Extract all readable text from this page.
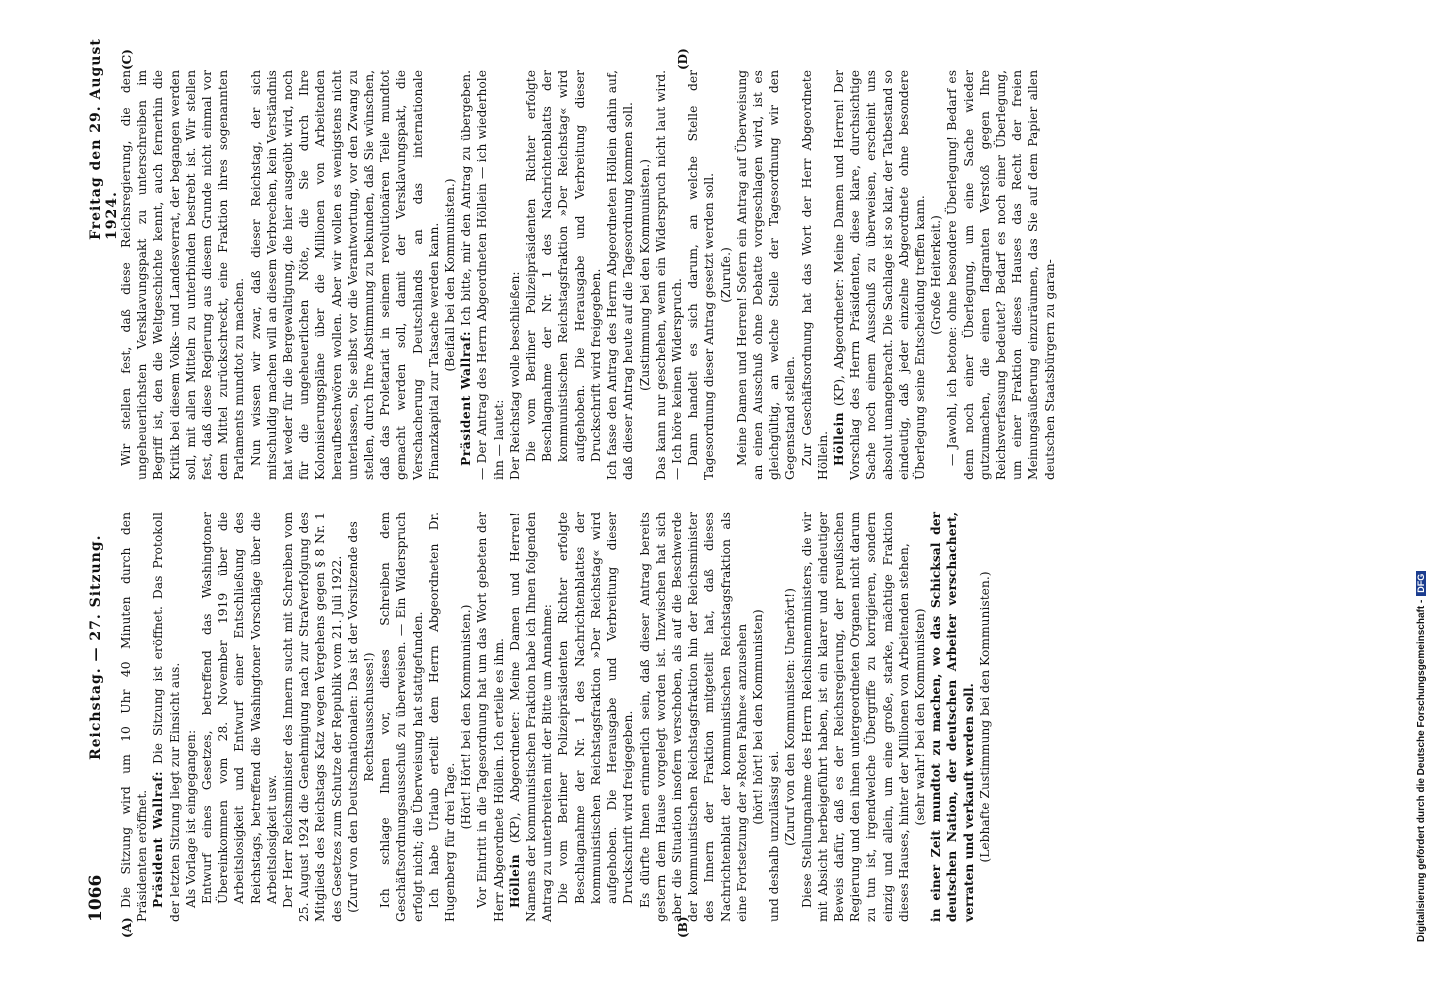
1066
Reichstag. — 27. Sitzung.
Freitag den 29. August 1924.
(A)	(B)
(C)	(D)

Die Sitzung wird um 10 Uhr 40 Minuten durch den Präsidenten eröffnet. Präsident Wallraf: Die Sitzung ist eröffnet. Das Protokoll der letzten Sitzung liegt zur Einsicht aus. Als Vorlage ist eingegangen: Entwurf eines Gesetzes, betreffend das Washingtoner Übereinkommen vom 28. November 1919 über die Arbeitslosigkeit und Entwurf einer Entschließung des Reichstags, betreffend die Washingtoner Vorschläge über die Arbeitslosigkeit usw. Der Herr Reichsminister des Innern sucht mit Schreiben vom 25. August 1924 die Genehmigung nach zur Strafverfolgung des Mitglieds des Reichstags Katz wegen Vergehens gegen § 8 Nr. 1 des Gesetzes zum Schutze der Republik vom 21. Juli 1922. (Zuruf von den Deutschnationalen: Das ist der Vorsitzende des Rechtsausschusses!) Ich schlage Ihnen vor, dieses Schreiben dem Geschäftsordnungsausschuß zu überweisen. — Ein Widerspruch erfolgt nicht; die Überweisung hat stattgefunden. Ich habe Urlaub erteilt dem Herrn Abgeordneten Dr. Hugenberg für drei Tage.

(Hört! Hört! bei den Kommunisten.) Vor Eintritt in die Tagesordnung hat um das Wort gebeten der Herr Abgeordnete Höllein. Ich erteile es ihm. Höllein (KP), Abgeordneter: Meine Damen und Herren! Namens der kommunistischen Fraktion habe ich Ihnen folgenden Antrag zu unterbreiten mit der Bitte um Annahme: Die vom Berliner Polizeipräsidenten Richter erfolgte Beschlagnahme der Nr. 1 des Nachrichtenblattes der kommunistischen Reichstagsfraktion »Der Reichstag« wird aufgehoben. Die Herausgabe und Verbreitung dieser Druckschrift wird freigegeben. Es dürfte Ihnen erinnerlich sein, daß dieser Antrag bereits gestern dem Hause vorgelegt worden ist. Inzwischen hat sich aber die Situation insofern verschoben, als auf die Beschwerde der kommunistischen Reichstagsfraktion hin der Reichsminister des Innern der Fraktion mitgeteilt hat, daß dieses Nachrichtenblatt der kommunistischen Reichstagsfraktion als eine Fortsetzung der »Roten Fahne« anzusehen (hört! hört! bei den Kommunisten)

und deshalb unzulässig sei. (Zuruf von den Kommunisten: Unerhört!) Diese Stellungnahme des Herrn Reichsinnenministers, die wir mit Absicht herbeigeführt haben, ist ein klarer und eindeutiger Beweis dafür, daß es der Reichsregierung, der preußischen Regierung und den ihnen untergeordneten Organen nicht darum zu tun ist, irgendwelche Übergriffe zu korrigieren, sondern einzig und allein, um eine große, starke, mächtige Fraktion dieses Hauses, hinter der Millionen von Arbeitenden stehen, (sehr wahr! bei den Kommunisten) in einer Zeit mundtot zu machen, wo das Schicksal der deutschen Nation, der deutschen Arbeiter verschachert, verraten und verkauft werden soll. (Lebhafte Zustimmung bei den Kommunisten.)

Wir stellen fest, daß diese Reichsregierung, die den ungeheuerlichsten Versklavungspakt zu unterschreiben im Begriff ist, den die Weltgeschichte kennt, auch fernerhin die Kritik bei diesem Volks- und Landesverrat, der begangen werden soll, mit allen Mitteln zu unterbinden bestrebt ist. Wir stellen fest, daß diese Regierung aus diesem Grunde nicht einmal vor dem Mittel zurückschreckt, eine Fraktion ihres sogenannten Parlaments mundtot zu machen. Nun wissen wir zwar, daß dieser Reichstag, der sich mitschuldig machen will an diesem Verbrechen, kein Verständnis hat weder für die Bergewaltigung, die hier ausgeübt wird, noch für die ungeheuerlichen Nöte, die Sie durch Ihre Kolonisierungspläne über die Millionen von Arbeitenden heraufbeschwören wollen. Aber wir wollen es wenigstens nicht unterlassen, Sie selbst vor die Verantwortung, vor den Zwang zu stellen, durch Ihre Abstimmung zu bekunden, daß Sie wünschen, daß das Proletariat in seinem revolutionären Teile mundtot gemacht werden soll, damit der Versklavungspakt, die Verschacherung Deutschlands an das internationale Finanzkapital zur Tatsache werden kann. (Beifall bei den Kommunisten.)

Präsident Wallraf: Ich bitte, mir den Antrag zu übergeben. — Der Antrag des Herrn Abgeordneten Höllein — ich wiederhole ihn — lautet: Der Reichstag wolle beschließen: Die vom Berliner Polizeipräsidenten Richter erfolgte Beschlagnahme der Nr. 1 des Nachrichtenblatts der kommunistischen Reichstagsfraktion »Der Reichstag« wird aufgehoben. Die Herausgabe und Verbreitung dieser Druckschrift wird freigegeben. Ich fasse den Antrag des Herrn Abgeordneten Höllein dahin auf, daß dieser Antrag heute auf die Tagesordnung kommen soll. (Zustimmung bei den Kommunisten.) Das kann nur geschehen, wenn ein Widerspruch nicht laut wird. — Ich höre keinen Widerspruch. Dann handelt es sich darum, an welche Stelle der Tagesordnung dieser Antrag gesetzt werden soll. (Zurufe.) Meine Damen und Herren! Sofern ein Antrag auf Überweisung an einen Ausschuß ohne Debatte vorgeschlagen wird, ist es gleichgültig, an welche Stelle der Tagesordnung wir den Gegenstand stellen. Zur Geschäftsordnung hat das Wort der Herr Abgeordnete Höllein. Höllein (KP), Abgeordneter: Meine Damen und Herren! Der Vorschlag des Herrn Präsidenten, diese klare, durchsichtige Sache noch einem Ausschuß zu überweisen, erscheint uns absolut unangebracht. Die Sachlage ist so klar, der Tatbestand so eindeutig, daß jeder einzelne Abgeordnete ohne besondere Überlegung seine Entscheidung treffen kann. (Große Heiterkeit.) — Jawohl, ich betone: ohne besondere Überlegung! Bedarf es denn noch einer Überlegung, um eine Sache wieder gutzumachen, die einen flagranten Verstoß gegen Ihre Reichsverfassung bedeutet? Bedarf es noch einer Überlegung, um einer Fraktion dieses Hauses das Recht der freien Meinungsäußerung einzuräumen, das Sie auf dem Papier allen deutschen Staatsbürgern zu garan-

Digitalisierung gefördert durch die Deutsche Forschungsgemeinschaft -DFG
